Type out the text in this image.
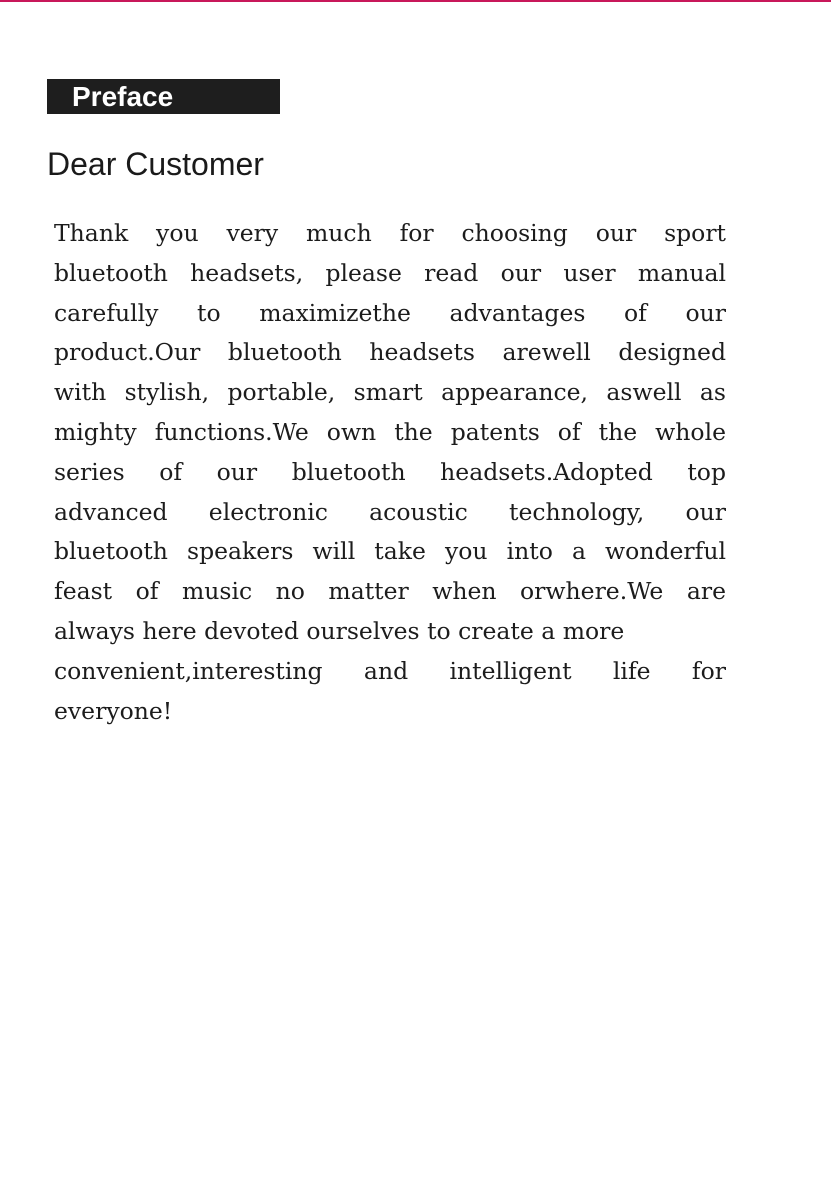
Preface
Dear Customer
Thank you very much for choosing our sport
bluetooth headsets, please read our user manual
carefully to maximizethe advantages of our
product.Our bluetooth headsets arewell designed
with stylish, portable, smart appearance, aswell as
mighty functions.We own the patents of the whole
series of our bluetooth headsets.Adopted top
advanced electronic acoustic technology, our
bluetooth speakers will take you into a wonderful
feast of music no matter when orwhere.We are
always here devoted ourselves to create a more
convenient,interesting and intelligent life for
everyone!
